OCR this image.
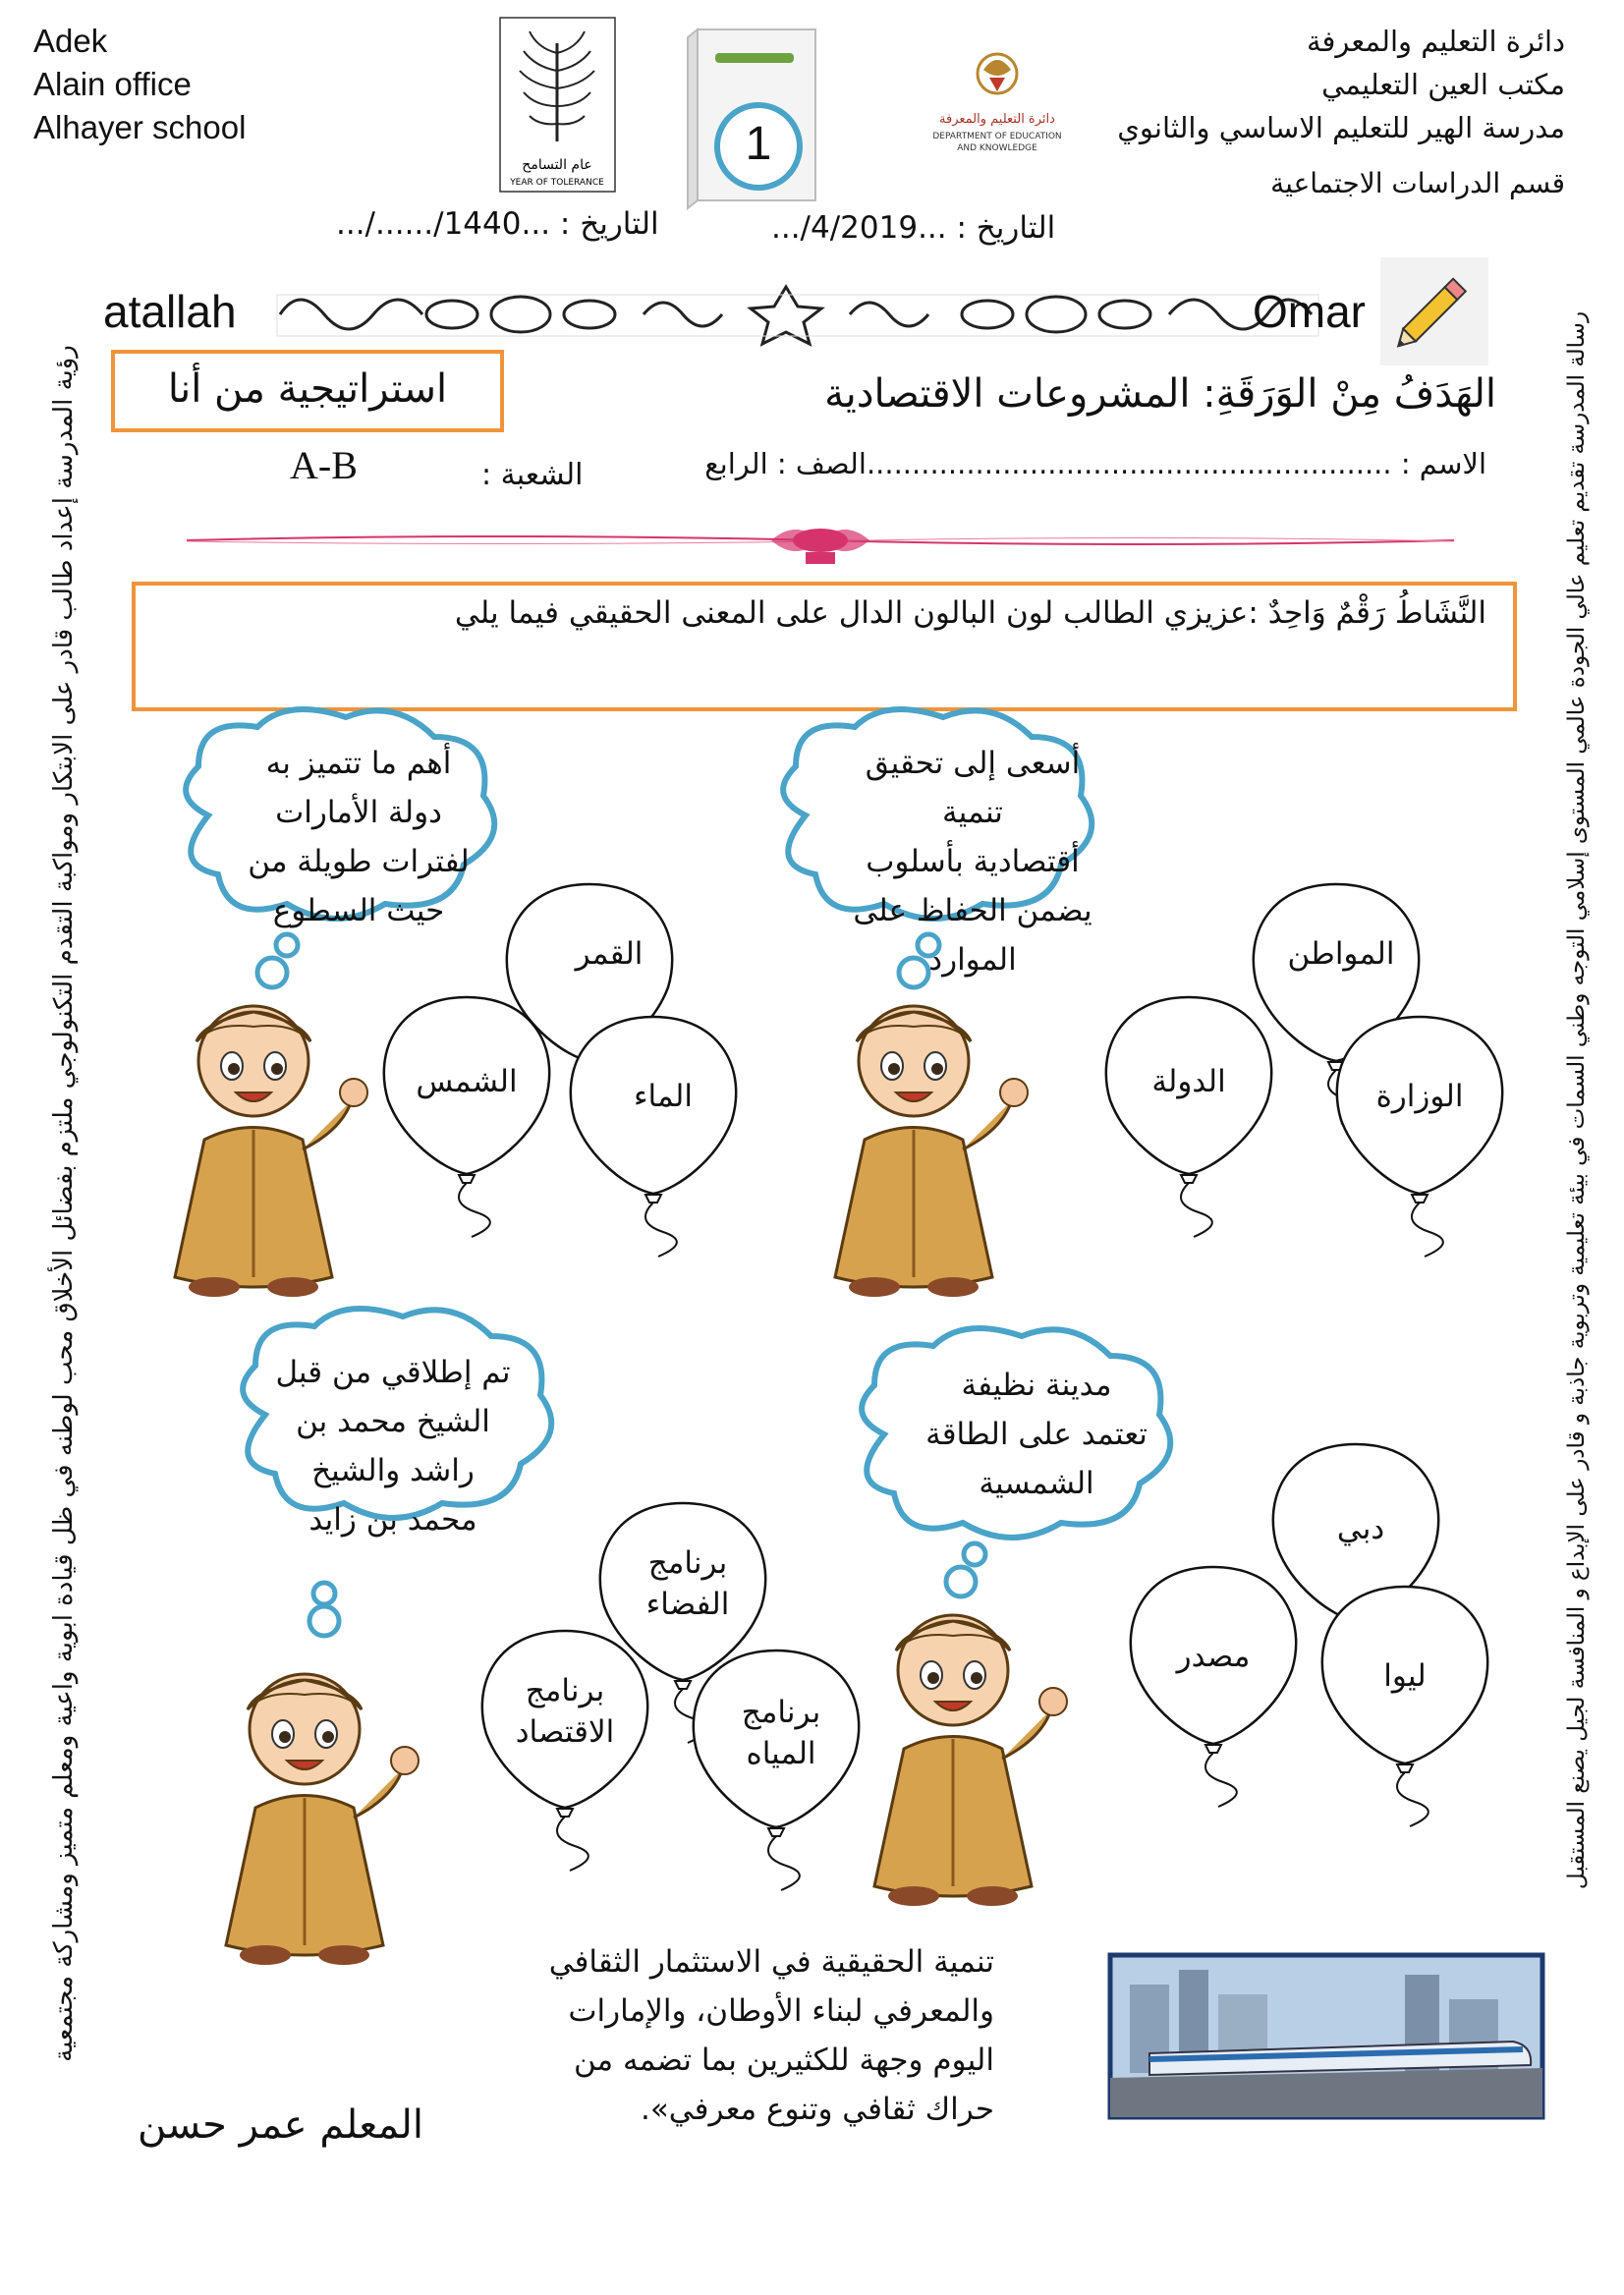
Adek
Alain office
Alhayer school
دائرة التعليم والمعرفة
مكتب العين التعليمي
مدرسة الهير للتعليم الاساسي والثانوي
قسم الدراسات الاجتماعية
عام التسامح
YEAR OF TOLERANCE
1	دائرة التعليم والمعرفة
DEPARTMENT OF EDUCATION
AND KNOWLEDGE
التاريخ : ...1440/....../...	التاريخ : ...4/2019/...
atallah	Omar
استراتيجية من أنا	الهَدَفُ مِنْ الوَرَقَةِ: المشروعات الاقتصادية
الاسم : ..........................................................الصف : الرابع
الشعبة :
A-B
النَّشَاطُ رَقْمٌ وَاحِدٌ :عزيزي الطالب لون البالون الدال على المعنى الحقيقي فيما يلي
أسعى إلى تحقيق تنمية
أقتصادية بأسلوب
يضمن الحفاظ على
الموارد	المواطن
الدولة	الوزارة
أهم ما تتميز به
دولة الأمارات
لفترات طويلة من
حيث السطوع
القمر
الشمس	الماء
مدينة نظيفة
تعتمد على الطاقة
الشمسية
دبي
مصدر
ليوا
تم إطلاقي من قبل
الشيخ محمد بن
راشد والشيخ
محمد بن زايد
برنامج الفضاء
برنامج الاقتصاد
برنامج المياه
تنمية الحقيقية في الاستثمار الثقافي
والمعرفي لبناء الأوطان، والإمارات
اليوم وجهة للكثيرين بما تضمه من
حراك ثقافي وتنوع معرفي».
المعلم عمر حسن
رؤية المدرسة إعداد طالب قادر على الابتكار ومواكبة التقدم التكنولوجي ملتزم بفضائل الأخلاق محب لوطنه في ظل قيادة ابوية واعية ومعلم متميز ومشاركة مجتمعية	رسالة المدرسة تقديم تعليم عالي الجودة عالمي المستوى إسلامي التوجه وطني السمات في بيئة تعليمية وتربوية جاذبة و قادر على الإبداع و المنافسة لجيل يصنع المستقبل
